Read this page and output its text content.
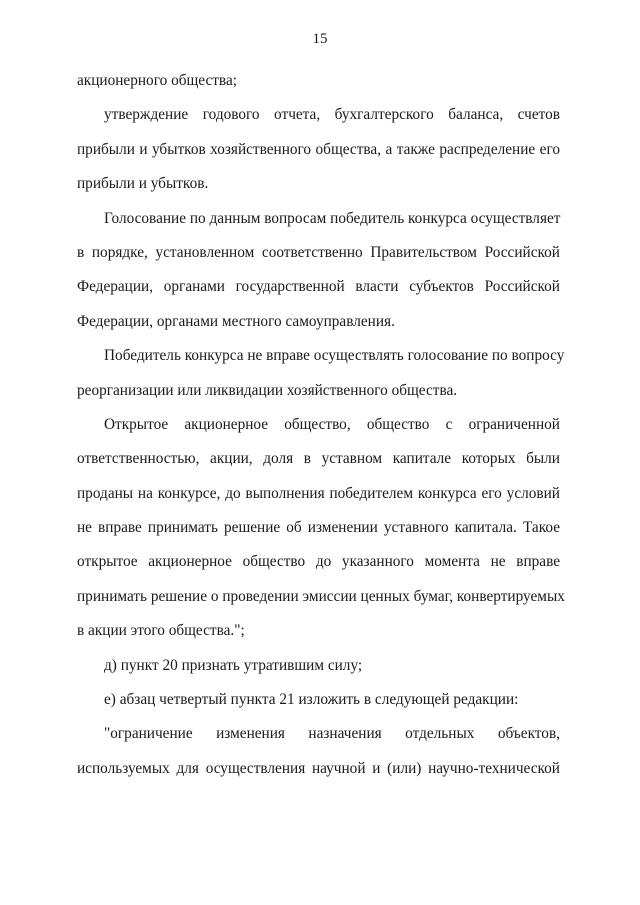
15
акционерного общества;
утверждение годового отчета, бухгалтерского баланса, счетов
прибыли и убытков хозяйственного общества, а также распределение его
прибыли и убытков.
Голосование по данным вопросам победитель конкурса осуществляет
в порядке, установленном соответственно Правительством Российской
Федерации, органами государственной власти субъектов Российской
Федерации, органами местного самоуправления.
Победитель конкурса не вправе осуществлять голосование по вопросу
реорганизации или ликвидации хозяйственного общества.
Открытое акционерное общество, общество с ограниченной
ответственностью, акции, доля в уставном капитале которых были
проданы на конкурсе, до выполнения победителем конкурса его условий
не вправе принимать решение об изменении уставного капитала. Такое
открытое акционерное общество до указанного момента не вправе
принимать решение о проведении эмиссии ценных бумаг, конвертируемых
в акции этого общества.";
д) пункт 20 признать утратившим силу;
е) абзац четвертый пункта 21 изложить в следующей редакции:
"ограничение изменения назначения отдельных объектов,
используемых для осуществления научной и (или) научно-технической
